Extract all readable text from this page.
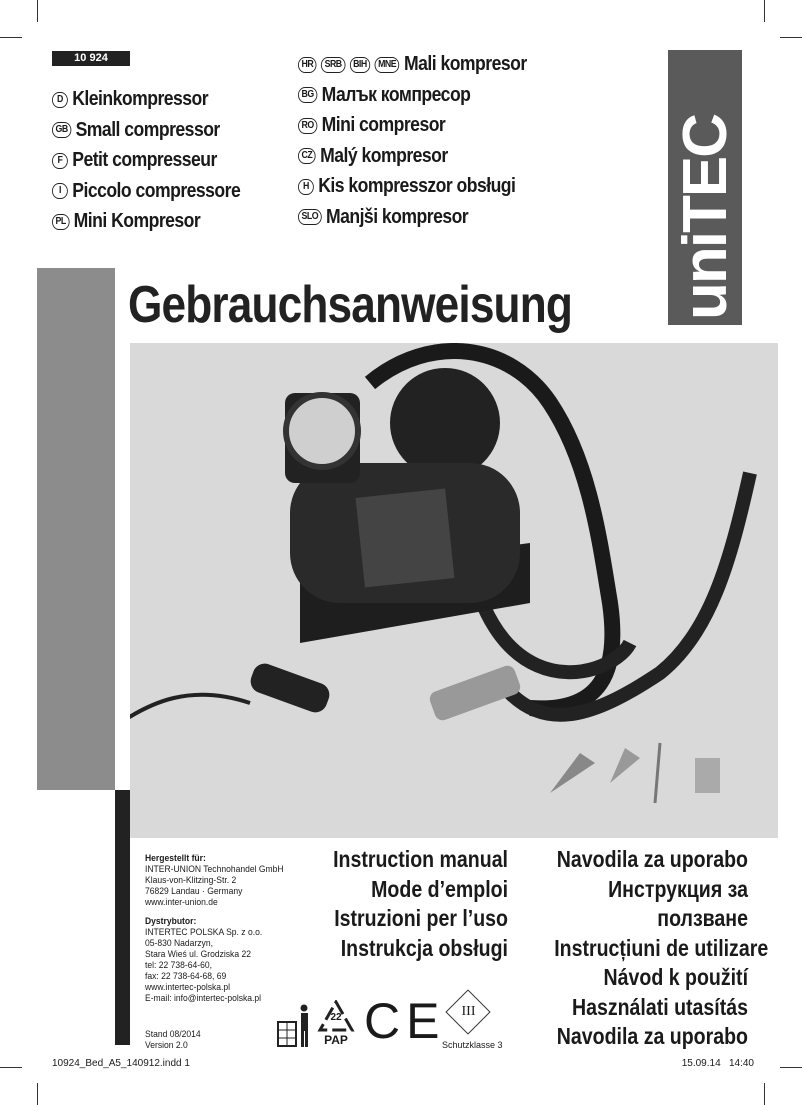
10 924
D Kleinkompressor
GB Small compressor
F Petit compresseur
I Piccolo compressore
PL Mini Kompresor
HR	SRB	BIH	MNE Mali kompresor
BG Малък компресор
RO Mini compresor
CZ Malý kompresor
H Kis kompresszor obsługi
SLO Manjši kompresor	uniTEC
Gebrauchsanweisung
Hergestellt für:
INTER-UNION Technohandel GmbH
Klaus-von-Klitzing-Str. 2
76829 Landau · Germany
www.inter-union.de
Dystrybutor:
INTERTEC POLSKA Sp. z o.o.
05-830 Nadarzyn,
Stara Wieś ul. Grodziska 22
tel: 22 738-64-60,
fax: 22 738-64-68, 69
www.intertec-polska.pl
E-mail: info@intertec-polska.pl
Stand 08/2014
Version 2.0
Instruction manual
Mode d’emploi
Istruzioni per l’uso
Instrukcja obsługi
Navodila za uporabo
Инструкция за
ползване
Instrucțiuni de utilizare
Návod k použití
Használati utasítás
Navodila za uporabo
22
PAP CE	III
Schutzklasse 3
10924_Bed_A5_140912.indd 1	15.09.14   14:40
